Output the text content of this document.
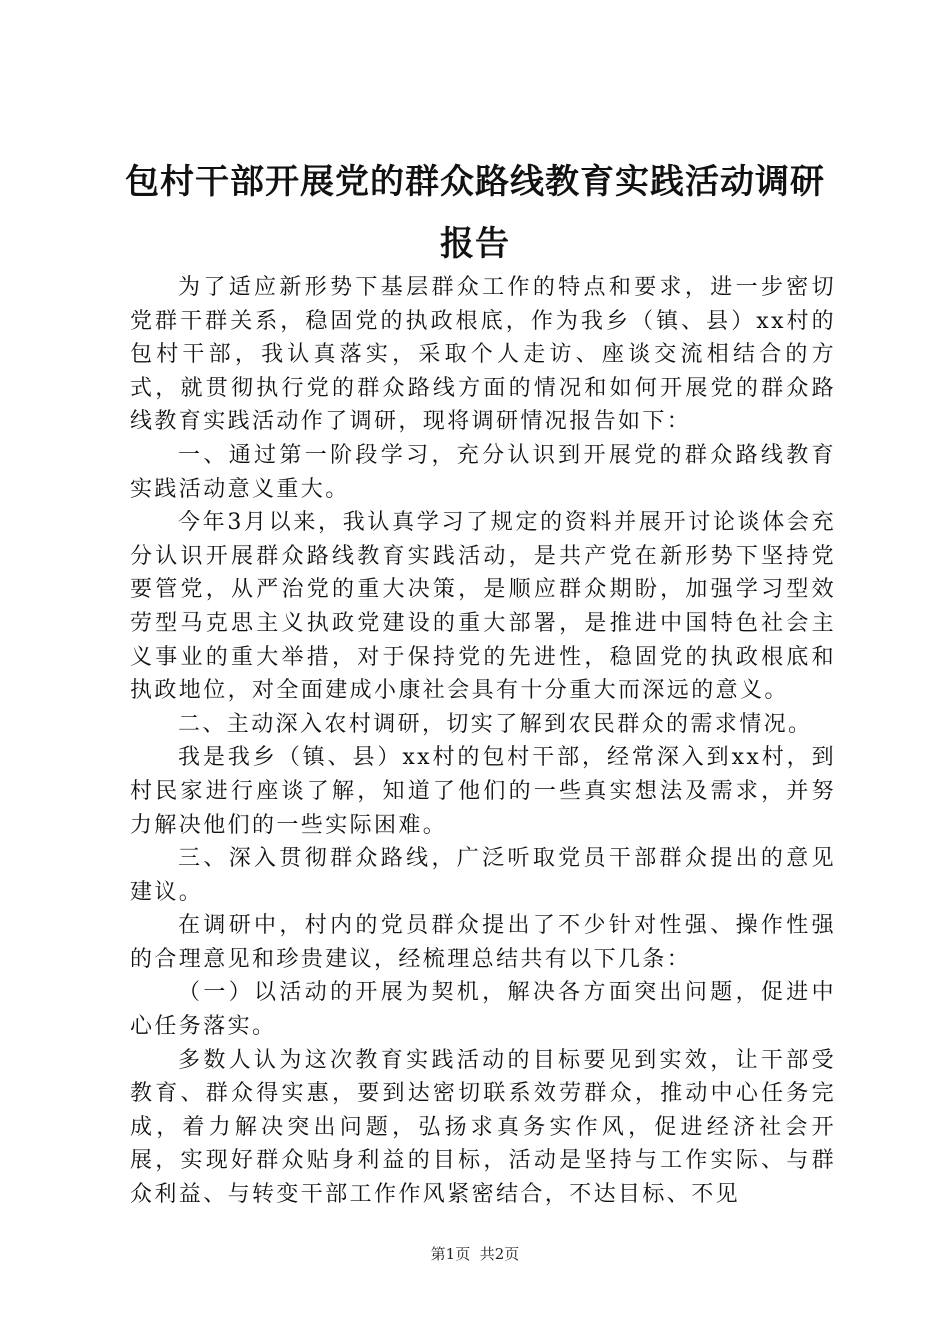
包村干部开展党的群众路线教育实践活动调研
报告

为了适应新形势下基层群众工作的特点和要求，进一步密切党群干群关系，稳固党的执政根底，作为我乡（镇、县）xx村的包村干部，我认真落实，采取个人走访、座谈交流相结合的方式，就贯彻执行党的群众路线方面的情况和如何开展党的群众路线教育实践活动作了调研，现将调研情况报告如下：

一、通过第一阶段学习，充分认识到开展党的群众路线教育实践活动意义重大。

今年3月以来，我认真学习了规定的资料并展开讨论谈体会充分认识开展群众路线教育实践活动，是共产党在新形势下坚持党要管党，从严治党的重大决策，是顺应群众期盼，加强学习型效劳型马克思主义执政党建设的重大部署，是推进中国特色社会主义事业的重大举措，对于保持党的先进性，稳固党的执政根底和执政地位，对全面建成小康社会具有十分重大而深远的意义。

二、主动深入农村调研，切实了解到农民群众的需求情况。

我是我乡（镇、县）xx村的包村干部，经常深入到xx村，到村民家进行座谈了解，知道了他们的一些真实想法及需求，并努力解决他们的一些实际困难。

三、深入贯彻群众路线，广泛听取党员干部群众提出的意见建议。

在调研中，村内的党员群众提出了不少针对性强、操作性强的合理意见和珍贵建议，经梳理总结共有以下几条：

（一）以活动的开展为契机，解决各方面突出问题，促进中心任务落实。

多数人认为这次教育实践活动的目标要见到实效，让干部受教育、群众得实惠，要到达密切联系效劳群众，推动中心任务完成，着力解决突出问题，弘扬求真务实作风，促进经济社会开展，实现好群众贴身利益的目标，活动是坚持与工作实际、与群众利益、与转变干部工作作风紧密结合，不达目标、不见

第1页 共2页
